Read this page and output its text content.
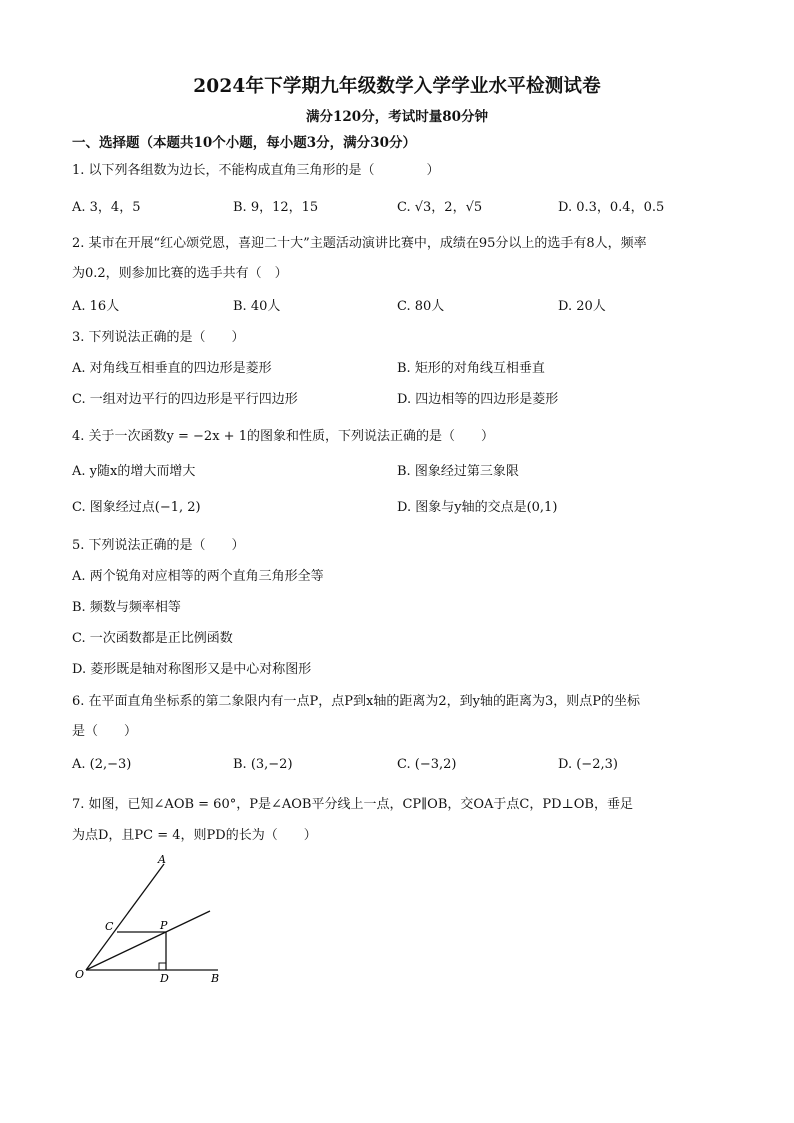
2024年下学期九年级数学入学学业水平检测试卷
满分120分，考试时量80分钟
一、选择题（本题共10个小题，每小题3分，满分30分）
1. 以下列各组数为边长，不能构成直角三角形的是（　　　　）
A. 3，4，5	B. 9，12，15	C. √3，2，√5	D. 0.3，0.4，0.5
2. 某市在开展“红心颂党恩，喜迎二十大”主题活动演讲比赛中，成绩在95分以上的选手有8人，频率
为0.2，则参加比赛的选手共有（　）
A. 16人	B. 40人	C. 80人	D. 20人
3. 下列说法正确的是（　　）
A. 对角线互相垂直的四边形是菱形	B. 矩形的对角线互相垂直
C. 一组对边平行的四边形是平行四边形	D. 四边相等的四边形是菱形
4. 关于一次函数y = −2x + 1的图象和性质，下列说法正确的是（　　）
A. y随x的增大而增大	B. 图象经过第三象限
C. 图象经过点(−1, 2)	D. 图象与y轴的交点是(0,1)
5. 下列说法正确的是（　　）
A. 两个锐角对应相等的两个直角三角形全等
B. 频数与频率相等
C. 一次函数都是正比例函数
D. 菱形既是轴对称图形又是中心对称图形
6. 在平面直角坐标系的第二象限内有一点P，点P到x轴的距离为2，到y轴的距离为3，则点P的坐标
是（　　）
A. (2,−3)	B. (3,−2)	C. (−3,2)	D. (−2,3)
7. 如图，已知∠AOB = 60°，P是∠AOB平分线上一点，CP∥OB，交OA于点C，PD⊥OB，垂足
为点D，且PC = 4，则PD的长为（　　）
A
C	P
O	D	B
